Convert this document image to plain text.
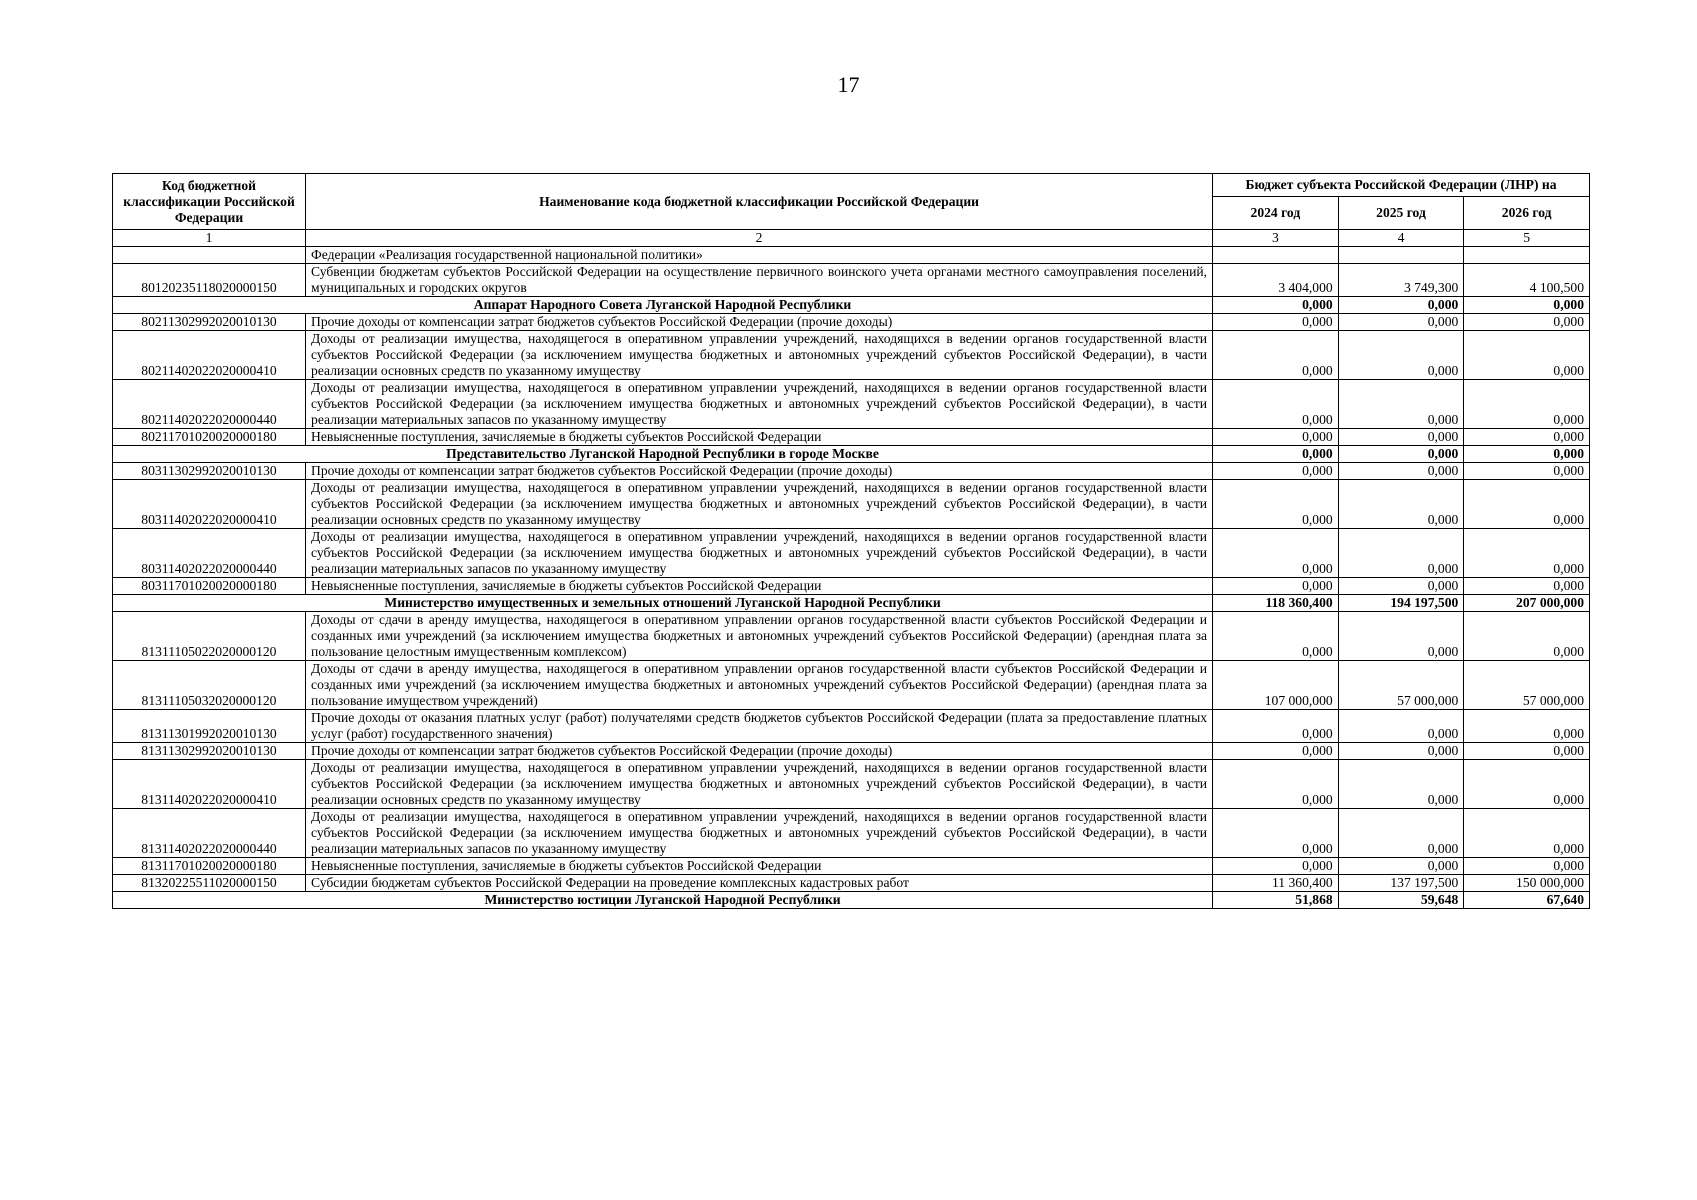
17
Код бюджетной классификации Российской Федерации	Наименование кода бюджетной классификации Российской Федерации	Бюджет субъекта Российской Федерации (ЛНР) на		
		2024 год	2025 год	2026 год
1	2	3	4	5
	Федерации «Реализация государственной национальной политики»			
80120235118020000150	Субвенции бюджетам субъектов Российской Федерации на осуществление первичного воинского учета органами местного самоуправления поселений, муниципальных и городских округов	3 404,000	3 749,300	4 100,500
Аппарат Народного Совета Луганской Народной Республики		0,000	0,000	0,000
80211302992020010130	Прочие доходы от компенсации затрат бюджетов субъектов Российской Федерации (прочие доходы)	0,000	0,000	0,000
80211402022020000410	Доходы от реализации имущества, находящегося в оперативном управлении учреждений, находящихся в ведении органов государственной власти субъектов Российской Федерации (за исключением имущества бюджетных и автономных учреждений субъектов Российской Федерации), в части реализации основных средств по указанному имуществу	0,000	0,000	0,000
80211402022020000440	Доходы от реализации имущества, находящегося в оперативном управлении учреждений, находящихся в ведении органов государственной власти субъектов Российской Федерации (за исключением имущества бюджетных и автономных учреждений субъектов Российской Федерации), в части реализации материальных запасов по указанному имуществу	0,000	0,000	0,000
80211701020020000180	Невыясненные поступления, зачисляемые в бюджеты субъектов Российской Федерации	0,000	0,000	0,000
Представительство Луганской Народной Республики в городе Москве		0,000	0,000	0,000
80311302992020010130	Прочие доходы от компенсации затрат бюджетов субъектов Российской Федерации (прочие доходы)	0,000	0,000	0,000
80311402022020000410	Доходы от реализации имущества, находящегося в оперативном управлении учреждений, находящихся в ведении органов государственной власти субъектов Российской Федерации (за исключением имущества бюджетных и автономных учреждений субъектов Российской Федерации), в части реализации основных средств по указанному имуществу	0,000	0,000	0,000
80311402022020000440	Доходы от реализации имущества, находящегося в оперативном управлении учреждений, находящихся в ведении органов государственной власти субъектов Российской Федерации (за исключением имущества бюджетных и автономных учреждений субъектов Российской Федерации), в части реализации материальных запасов по указанному имуществу	0,000	0,000	0,000
80311701020020000180	Невыясненные поступления, зачисляемые в бюджеты субъектов Российской Федерации	0,000	0,000	0,000
Министерство имущественных и земельных отношений Луганской Народной Республики		118 360,400	194 197,500	207 000,000
81311105022020000120	Доходы от сдачи в аренду имущества, находящегося в оперативном управлении органов государственной власти субъектов Российской Федерации и созданных ими учреждений (за исключением имущества бюджетных и автономных учреждений субъектов Российской Федерации) (арендная плата за пользование целостным имущественным комплексом)	0,000	0,000	0,000
81311105032020000120	Доходы от сдачи в аренду имущества, находящегося в оперативном управлении органов государственной власти субъектов Российской Федерации и созданных ими учреждений (за исключением имущества бюджетных и автономных учреждений субъектов Российской Федерации) (арендная плата за пользование имуществом учреждений)	107 000,000	57 000,000	57 000,000
81311301992020010130	Прочие доходы от оказания платных услуг (работ) получателями средств бюджетов субъектов Российской Федерации (плата за предоставление платных услуг (работ) государственного значения)	0,000	0,000	0,000
81311302992020010130	Прочие доходы от компенсации затрат бюджетов субъектов Российской Федерации (прочие доходы)	0,000	0,000	0,000
81311402022020000410	Доходы от реализации имущества, находящегося в оперативном управлении учреждений, находящихся в ведении органов государственной власти субъектов Российской Федерации (за исключением имущества бюджетных и автономных учреждений субъектов Российской Федерации), в части реализации основных средств по указанному имуществу	0,000	0,000	0,000
81311402022020000440	Доходы от реализации имущества, находящегося в оперативном управлении учреждений, находящихся в ведении органов государственной власти субъектов Российской Федерации (за исключением имущества бюджетных и автономных учреждений субъектов Российской Федерации), в части реализации материальных запасов по указанному имуществу	0,000	0,000	0,000
81311701020020000180	Невыясненные поступления, зачисляемые в бюджеты субъектов Российской Федерации	0,000	0,000	0,000
81320225511020000150	Субсидии бюджетам субъектов Российской Федерации на проведение комплексных кадастровых работ	11 360,400	137 197,500	150 000,000
Министерство юстиции Луганской Народной Республики		51,868	59,648	67,640
